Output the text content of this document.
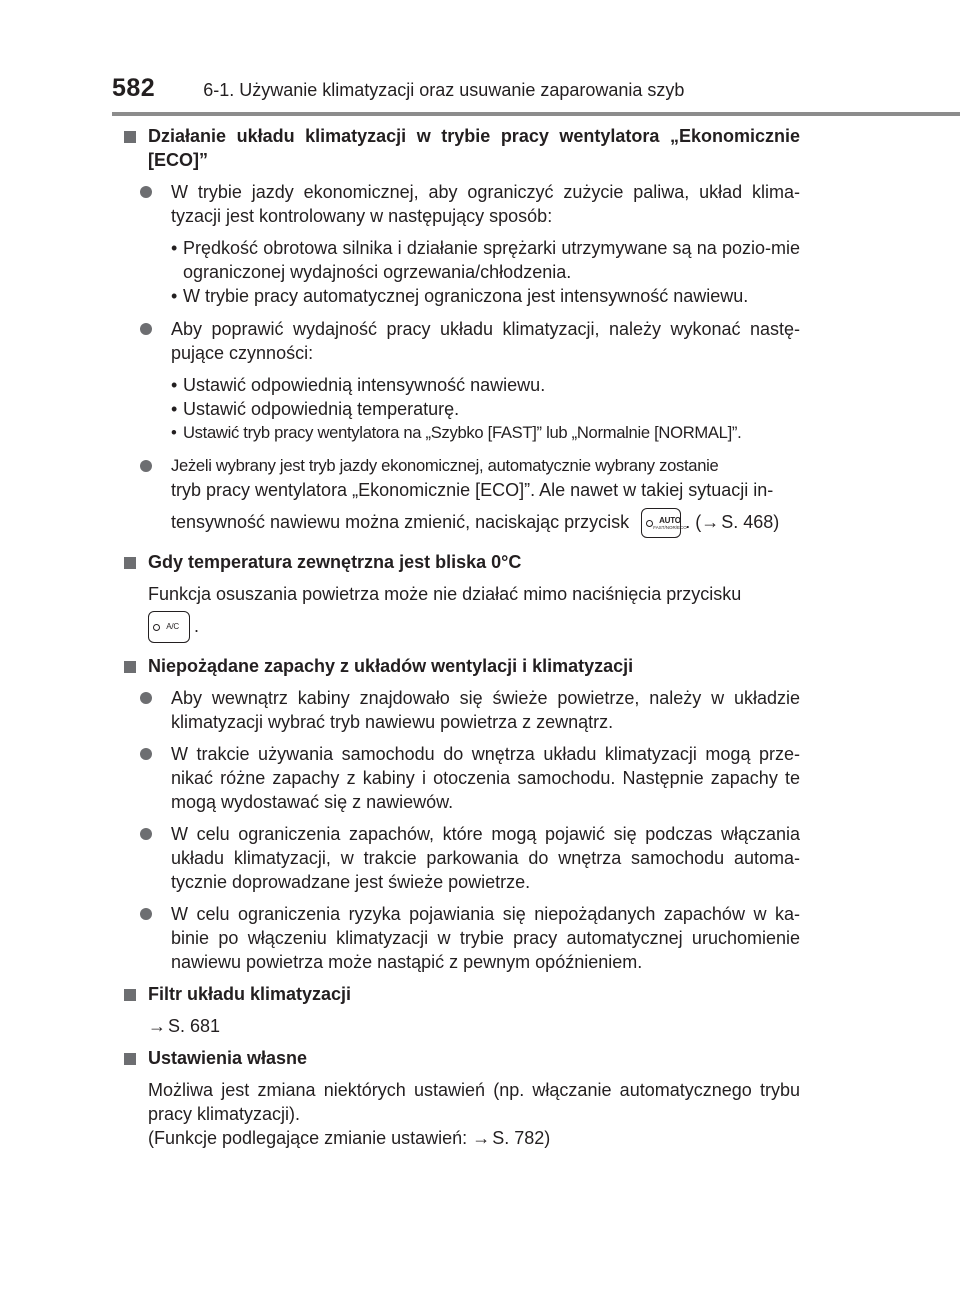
582	6-1. Używanie klimatyzacji oraz usuwanie zaparowania szyb
Działanie układu klimatyzacji w trybie pracy wentylatora „Ekonomicznie [ECO]”
W trybie jazdy ekonomicznej, aby ograniczyć zużycie paliwa, układ klima-tyzacji jest kontrolowany w następujący sposób:
• Prędkość obrotowa silnika i działanie sprężarki utrzymywane są na pozio-mie ograniczonej wydajności ogrzewania/chłodzenia.
• W trybie pracy automatycznej ograniczona jest intensywność nawiewu.
Aby poprawić wydajność pracy układu klimatyzacji, należy wykonać nastę-pujące czynności:
• Ustawić odpowiednią intensywność nawiewu.
• Ustawić odpowiednią temperaturę.
• Ustawić tryb pracy wentylatora na „Szybko [FAST]” lub „Normalnie [NORMAL]”.
Jeżeli wybrany jest tryb jazdy ekonomicznej, automatycznie wybrany zostanie
tryb pracy wentylatora „Ekonomicznie [ECO]”. Ale nawet w takiej sytuacji in-
tensywność nawiewu można zmienić, naciskając przycisk	AUTO
FAST/NOR/ECO
. (→ S. 468)
Gdy temperatura zewnętrzna jest bliska 0°C
Funkcja osuszania powietrza może nie działać mimo naciśnięcia przycisku
A/C .
Niepożądane zapachy z układów wentylacji i klimatyzacji
Aby wewnątrz kabiny znajdowało się świeże powietrze, należy w układzie klimatyzacji wybrać tryb nawiewu powietrza z zewnątrz.
W trakcie używania samochodu do wnętrza układu klimatyzacji mogą prze-nikać różne zapachy z kabiny i otoczenia samochodu. Następnie zapachy te mogą wydostawać się z nawiewów.
W celu ograniczenia zapachów, które mogą pojawić się podczas włączania układu klimatyzacji, w trakcie parkowania do wnętrza samochodu automa-tycznie doprowadzane jest świeże powietrze.
W celu ograniczenia ryzyka pojawiania się niepożądanych zapachów w ka-binie po włączeniu klimatyzacji w trybie pracy automatycznej uruchomienie nawiewu powietrza może nastąpić z pewnym opóźnieniem.
Filtr układu klimatyzacji
→ S. 681
Ustawienia własne
Możliwa jest zmiana niektórych ustawień (np. włączanie automatycznego trybu pracy klimatyzacji).
(Funkcje podlegające zmianie ustawień: → S. 782)
